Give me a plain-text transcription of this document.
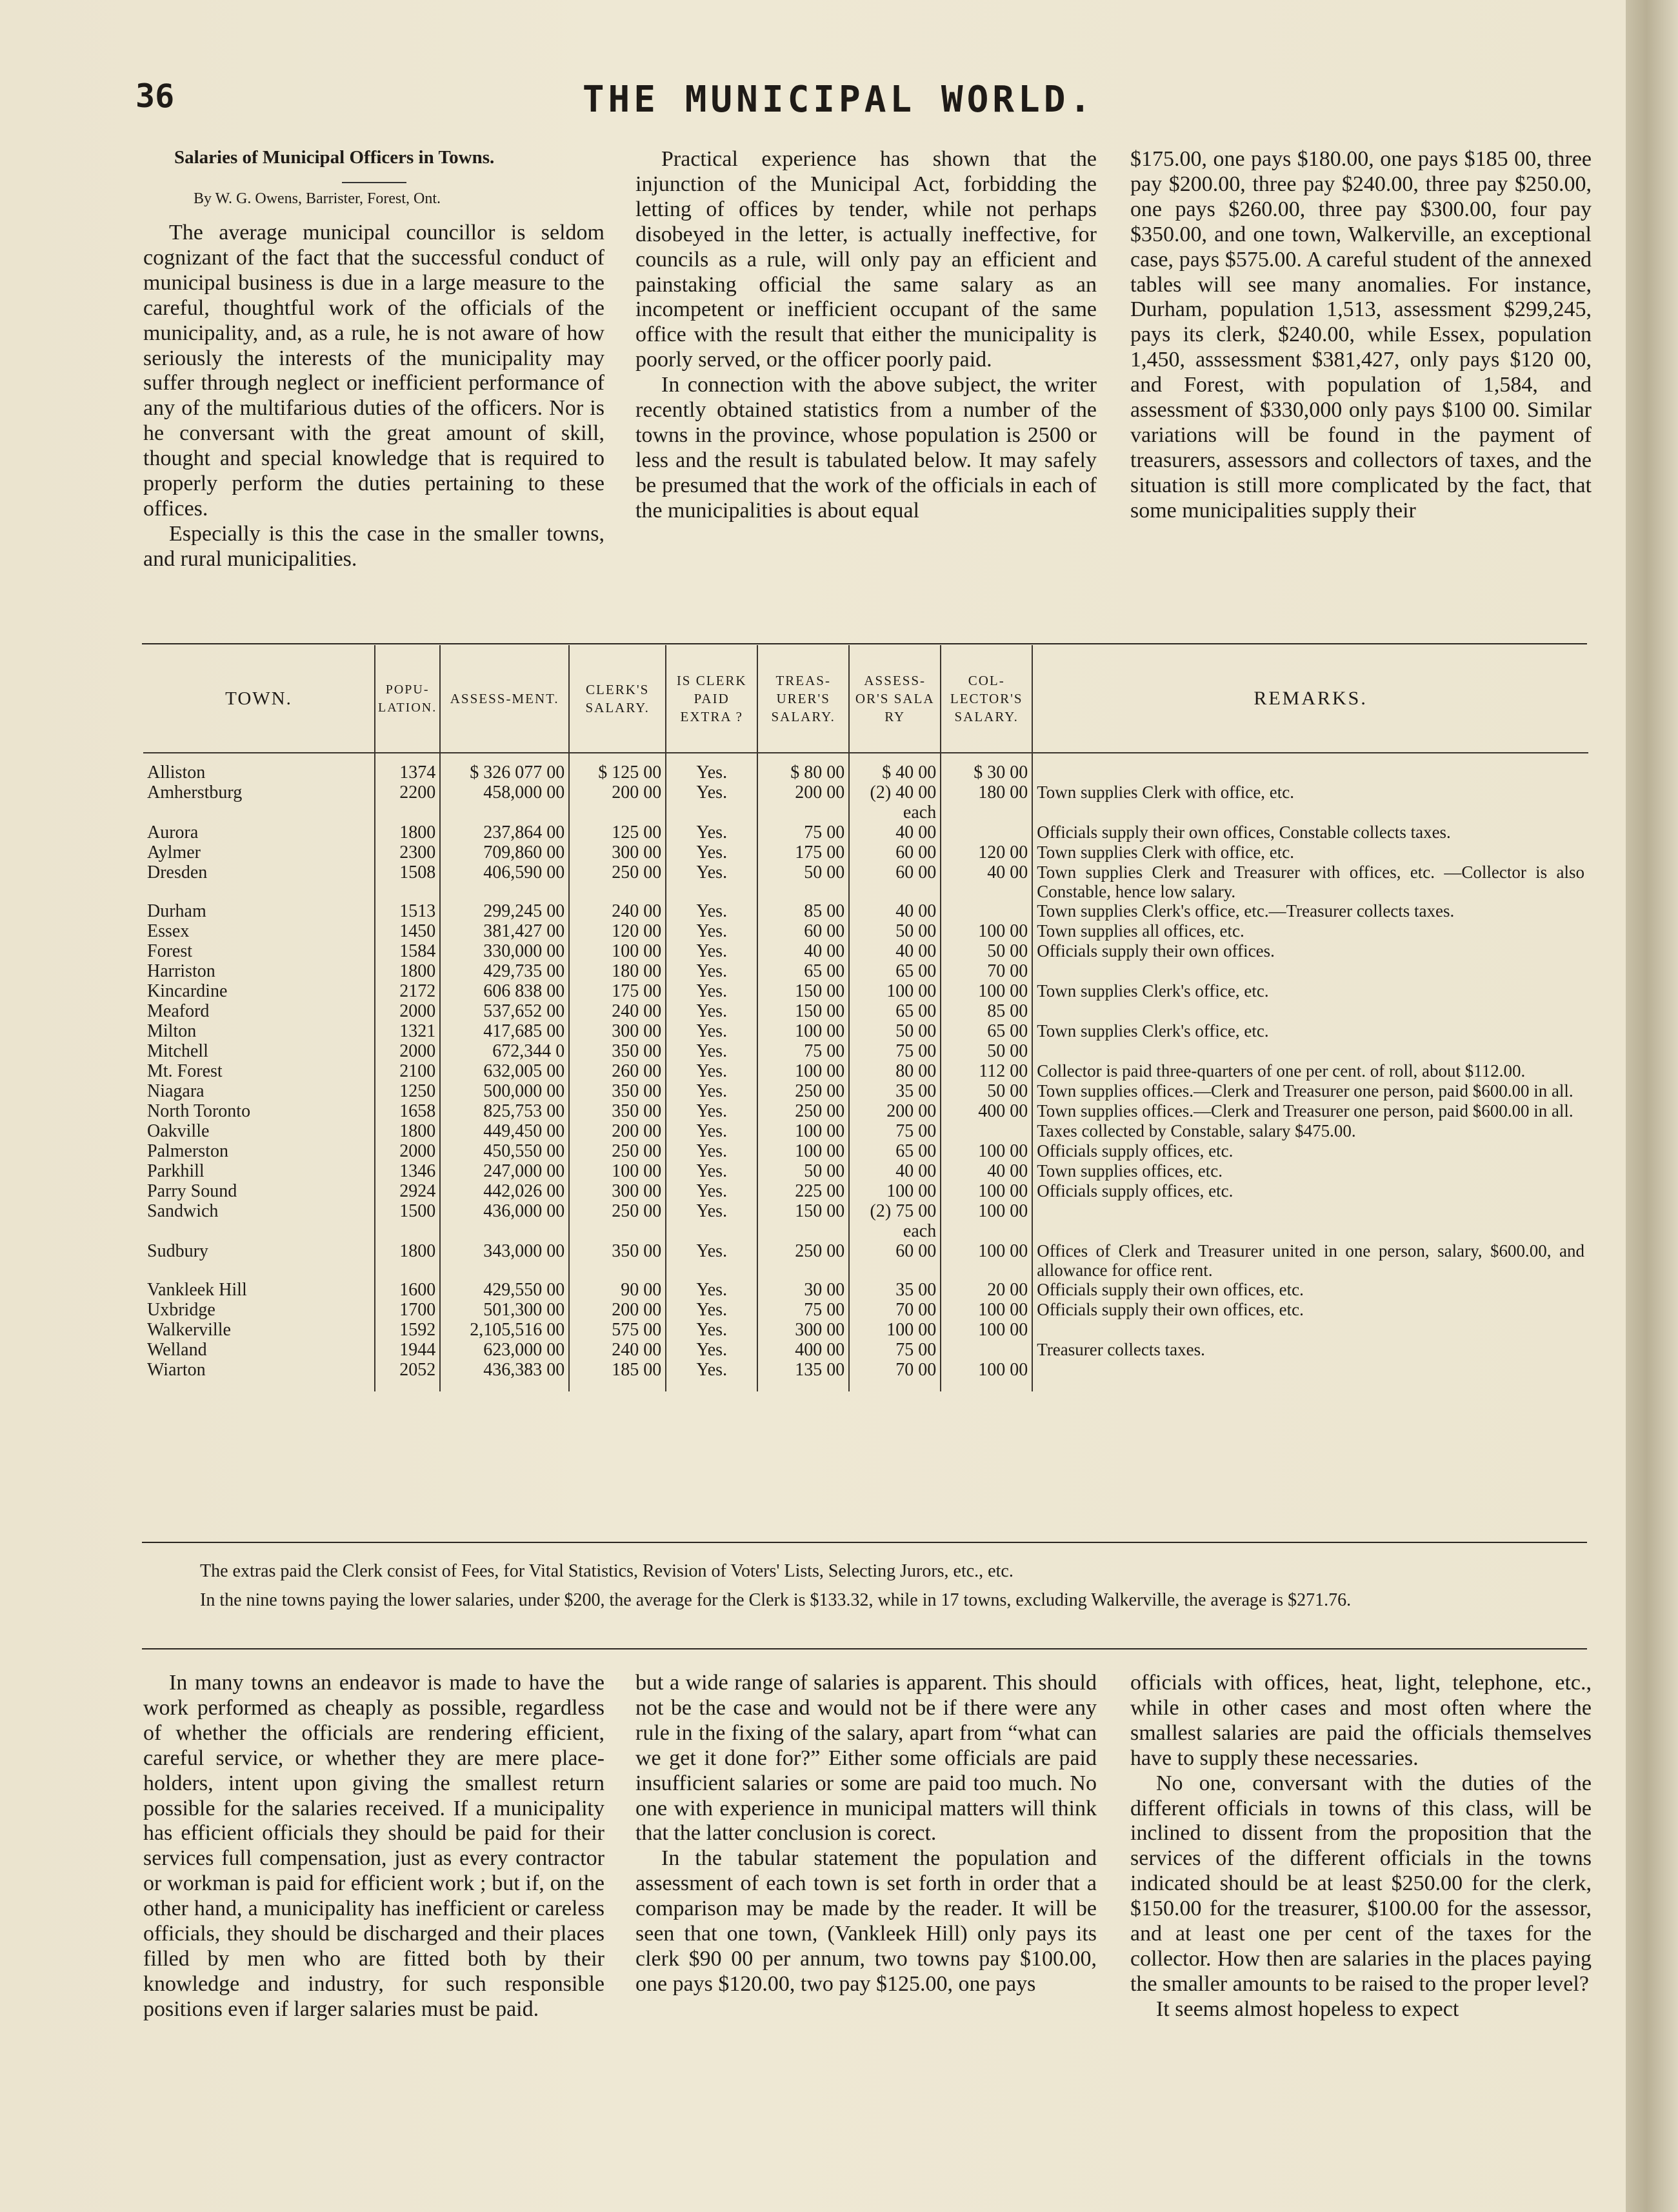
36	THE MUNICIPAL WORLD.
Salaries of Municipal Officers in Towns.
By W. G. Owens, Barrister, Forest, Ont.

The average municipal councillor is seldom cognizant of the fact that the successful conduct of municipal business is due in a large measure to the careful, thoughtful work of the officials of the municipality, and, as a rule, he is not aware of how seriously the interests of the municipality may suffer through neglect or inefficient performance of any of the multifarious duties of the officers. Nor is he conversant with the great amount of skill, thought and special knowledge that is required to properly perform the duties pertaining to these offices.

Especially is this the case in the smaller towns, and rural municipalities.

Practical experience has shown that the injunction of the Municipal Act, forbidding the letting of offices by tender, while not perhaps disobeyed in the letter, is actually ineffective, for councils as a rule, will only pay an efficient and painstaking official the same salary as an incompetent or inefficient occupant of the same office with the result that either the municipality is poorly served, or the officer poorly paid.

In connection with the above subject, the writer recently obtained statistics from a number of the towns in the province, whose population is 2500 or less and the result is tabulated below. It may safely be presumed that the work of the officials in each of the municipalities is about equal

$175.00, one pays $180.00, one pays $185 00, three pay $200.00, three pay $240.00, three pay $250.00, one pays $260.00, three pay $300.00, four pay $350.00, and one town, Walkerville, an exceptional case, pays $575.00. A careful student of the annexed tables will see many anomalies. For instance, Durham, population 1,513, assessment $299,245, pays its clerk, $240.00, while Essex, population 1,450, asssessment $381,427, only pays $120 00, and Forest, with population of 1,584, and assessment of $330,000 only pays $100 00. Similar variations will be found in the payment of treasurers, assessors and collectors of taxes, and the situation is still more complicated by the fact, that some municipalities supply their

TOWN.	POPU-LATION.	ASSESS-MENT.	CLERK'S SALARY.	IS CLERK PAID EXTRA ?	TREAS-URER'S SALARY.	ASSESS-OR'S SALA RY	COL-LECTOR'S SALARY.	REMARKS.

Alliston	1374	$ 326 077 00	$ 125 00	Yes.	$ 80 00	$ 40 00	$ 30 00	
Amherstburg	2200	458,000 00	200 00	Yes.	200 00	(2) 40 00 each	180 00	Town supplies Clerk with office, etc.
Aurora	1800	237,864 00	125 00	Yes.	75 00	40 00		Officials supply their own offices, Constable collects taxes.
Aylmer	2300	709,860 00	300 00	Yes.	175 00	60 00	120 00	Town supplies Clerk with office, etc.
Dresden	1508	406,590 00	250 00	Yes.	50 00	60 00	40 00	Town supplies Clerk and Treasurer with offices, etc. —Collector is also Constable, hence low salary.
Durham	1513	299,245 00	240 00	Yes.	85 00	40 00		Town supplies Clerk's office, etc.—Treasurer collects taxes.
Essex	1450	381,427 00	120 00	Yes.	60 00	50 00	100 00	Town supplies all offices, etc.
Forest	1584	330,000 00	100 00	Yes.	40 00	40 00	50 00	Officials supply their own offices.
Harriston	1800	429,735 00	180 00	Yes.	65 00	65 00	70 00	
Kincardine	2172	606 838 00	175 00	Yes.	150 00	100 00	100 00	Town supplies Clerk's office, etc.
Meaford	2000	537,652 00	240 00	Yes.	150 00	65 00	85 00	
Milton	1321	417,685 00	300 00	Yes.	100 00	50 00	65 00	Town supplies Clerk's office, etc.
Mitchell	2000	672,344 0	350 00	Yes.	75 00	75 00	50 00	
Mt. Forest	2100	632,005 00	260 00	Yes.	100 00	80 00	112 00	Collector is paid three-quarters of one per cent. of roll, about $112.00.
Niagara	1250	500,000 00	350 00	Yes.	250 00	35 00	50 00	Town supplies offices.—Clerk and Treasurer one person, paid $600.00 in all.
North Toronto	1658	825,753 00	350 00	Yes.	250 00	200 00	400 00	Town supplies offices.—Clerk and Treasurer one person, paid $600.00 in all.
Oakville	1800	449,450 00	200 00	Yes.	100 00	75 00		Taxes collected by Constable, salary $475.00.
Palmerston	2000	450,550 00	250 00	Yes.	100 00	65 00	100 00	Officials supply offices, etc.
Parkhill	1346	247,000 00	100 00	Yes.	50 00	40 00	40 00	Town supplies offices, etc.
Parry Sound	2924	442,026 00	300 00	Yes.	225 00	100 00	100 00	Officials supply offices, etc.
Sandwich	1500	436,000 00	250 00	Yes.	150 00	(2) 75 00 each	100 00	
Sudbury	1800	343,000 00	350 00	Yes.	250 00	60 00	100 00	Offices of Clerk and Treasurer united in one person, salary, $600.00, and allowance for office rent.
Vankleek Hill	1600	429,550 00	90 00	Yes.	30 00	35 00	20 00	Officials supply their own offices, etc.
Uxbridge	1700	501,300 00	200 00	Yes.	75 00	70 00	100 00	Officials supply their own offices, etc.
Walkerville	1592	2,105,516 00	575 00	Yes.	300 00	100 00	100 00	
Welland	1944	623,000 00	240 00	Yes.	400 00	75 00		Treasurer collects taxes.
Wiarton	2052	436,383 00	185 00	Yes.	135 00	70 00	100 00	
The extras paid the Clerk consist of Fees, for Vital Statistics, Revision of Voters' Lists, Selecting Jurors, etc., etc.
In the nine towns paying the lower salaries, under $200, the average for the Clerk is $133.32, while in 17 towns, excluding Walkerville, the average is $271.76.

In many towns an endeavor is made to have the work performed as cheaply as possible, regardless of whether the officials are rendering efficient, careful service, or whether they are mere place-holders, intent upon giving the smallest return possible for the salaries received. If a municipality has efficient officials they should be paid for their services full compensation, just as every contractor or workman is paid for efficient work ; but if, on the other hand, a municipality has inefficient or careless officials, they should be discharged and their places filled by men who are fitted both by their knowledge and industry, for such responsible positions even if larger salaries must be paid.

but a wide range of salaries is apparent. This should not be the case and would not be if there were any rule in the fixing of the salary, apart from “what can we get it done for?” Either some officials are paid insufficient salaries or some are paid too much. No one with experience in municipal matters will think that the latter conclusion is corect.

In the tabular statement the population and assessment of each town is set forth in order that a comparison may be made by the reader. It will be seen that one town, (Vankleek Hill) only pays its clerk $90 00 per annum, two towns pay $100.00, one pays $120.00, two pay $125.00, one pays

officials with offices, heat, light, telephone, etc., while in other cases and most often where the smallest salaries are paid the officials themselves have to supply these necessaries.

No one, conversant with the duties of the different officials in towns of this class, will be inclined to dissent from the proposition that the services of the different officials in the towns indicated should be at least $250.00 for the clerk, $150.00 for the treasurer, $100.00 for the assessor, and at least one per cent of the taxes for the collector. How then are salaries in the places paying the smaller amounts to be raised to the proper level?

It seems almost hopeless to expect
